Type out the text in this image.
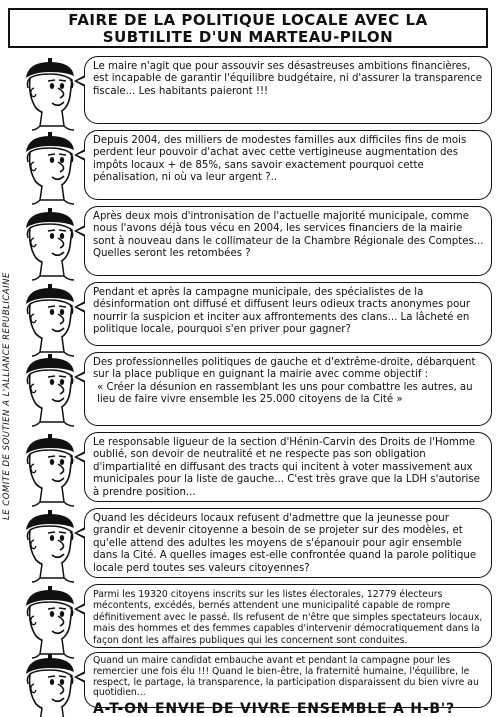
FAIRE DE LA POLITIQUE LOCALE AVEC LA
SUBTILITE D'UN MARTEAU-PILON
LE COMITE DE SOUTIEN A L'ALLIANCE REPUBLICAINE
Le maire n'agit que pour assouvir ses désastreuses ambitions financières, est incapable de garantir l'équilibre budgétaire, ni d'assurer la transparence fiscale... Les habitants paieront !!!
Depuis 2004, des milliers de modestes familles aux difficiles fins de mois perdent leur pouvoir d'achat avec cette vertigineuse augmentation des impôts locaux + de 85%, sans savoir exactement pourquoi cette pénalisation, ni où va leur argent ?..
Après deux mois d'intronisation de l'actuelle majorité municipale, comme nous l'avons déjà tous vécu en 2004, les services financiers de la mairie sont à nouveau dans le collimateur de la Chambre Régionale des Comptes... Quelles seront les retombées ?
Pendant et après la campagne municipale, des spécialistes de la désinformation ont diffusé et diffusent leurs odieux tracts anonymes pour nourrir la suspicion et inciter aux affrontements des clans... La lâcheté en politique locale, pourquoi s'en priver pour gagner?
Des professionnelles politiques de gauche et d'extrême-droite, débarquent sur la place publique en guignant la mairie avec comme objectif :
« Créer la désunion en rassemblant les uns pour combattre les autres, au lieu de faire vivre ensemble les 25.000 citoyens de la Cité »
Le responsable ligueur de la section d'Hénin-Carvin des Droits de l'Homme oublié, son devoir de neutralité et ne respecte pas son obligation d'impartialité en diffusant des tracts qui incitent à voter massivement aux municipales pour la liste de gauche... C'est très grave que la LDH s'autorise à prendre position...
Quand les décideurs locaux refusent d'admettre que la jeunesse pour grandir et devenir citoyenne a besoin de se projeter sur des modèles, et qu'elle attend des adultes les moyens de s'épanouir pour agir ensemble dans la Cité. A quelles images est-elle confrontée quand la parole politique locale perd toutes ses valeurs citoyennes?
Parmi les 19320 citoyens inscrits sur les listes électorales, 12779 électeurs mécontents, excédés, bernés attendent une municipalité capable de rompre définitivement avec le passé. Ils refusent de n'être que simples spectateurs locaux, mais des hommes et des femmes capables d'intervenir démocratiquement dans la façon dont les affaires publiques qui les concernent sont conduites.
Quand un maire candidat embauche avant et pendant la campagne pour les remercier une fois élu !!! Quand le bien-être, la fraternité humaine, l'équilibre, le respect, le partage, la transparence, la participation disparaissent du bien vivre au quotidien...
A-T-ON ENVIE DE VIVRE ENSEMBLE A H-B'?
